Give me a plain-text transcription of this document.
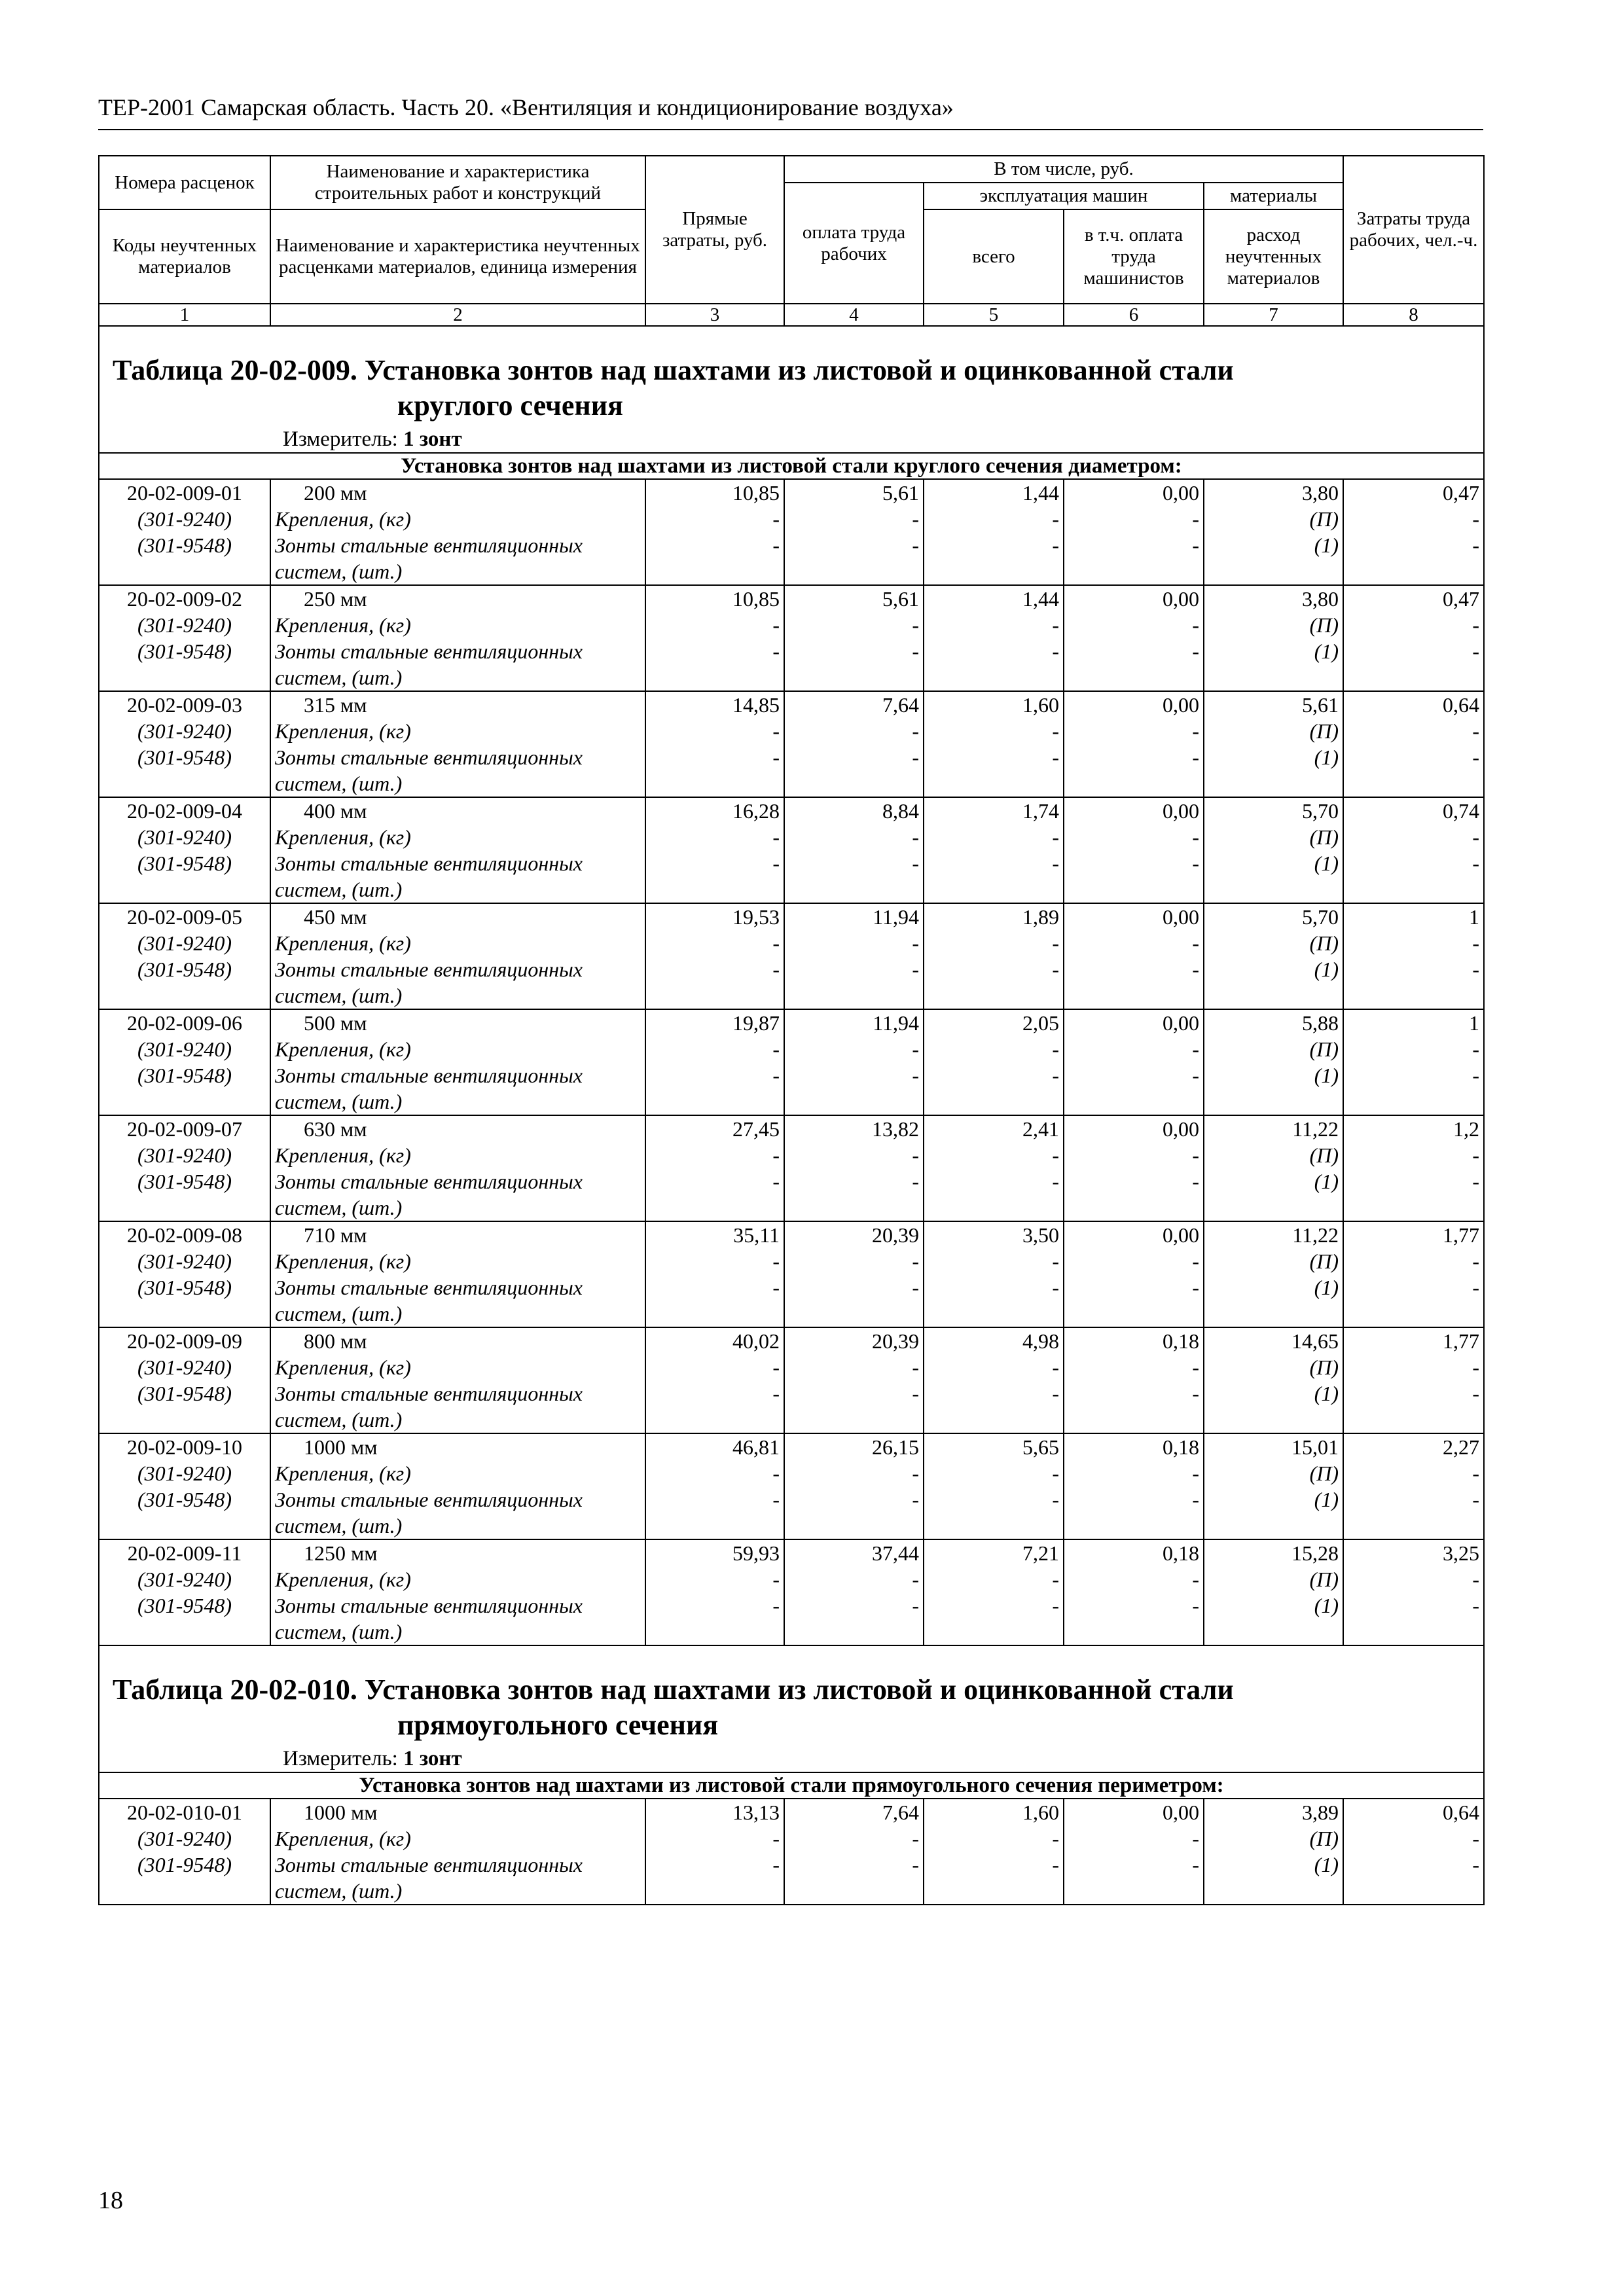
ТЕР-2001 Самарская область. Часть 20. «Вентиляция и кондиционирование воздуха»
Номера расценок	Наименование и характеристика строительных работ и конструкций	Прямые затраты, руб.	В том числе, руб.				Затраты труда рабочих, чел.-ч.
			оплата труда рабочих	эксплуатация машин		материалы	
Коды неучтенных материалов	Наименование и характеристика неучтенных расценками материалов, единица измерения			всего	в т.ч. оплата труда машинистов	расход неучтенных материалов	

1	2	3	4	5	6	7	8

Таблица 20-02-009. Установка зонтов над шахтами из листовой и оцинкованной стали
круглого сечения							

Измеритель: 1 зонт							
Установка зонтов над шахтами из листовой стали круглого сечения диаметром:							
20-02-009-01	200 мм	10,85	5,61	1,44	0,00	3,80	0,47
(301-9240)	Крепления, (кг)	-	-	-	-	(П)	-
(301-9548)	Зонты стальные вентиляционных	-	-	-	-	(1)	-
	систем, (шт.)						
20-02-009-02	250 мм	10,85	5,61	1,44	0,00	3,80	0,47
(301-9240)	Крепления, (кг)	-	-	-	-	(П)	-
(301-9548)	Зонты стальные вентиляционных	-	-	-	-	(1)	-
	систем, (шт.)						
20-02-009-03	315 мм	14,85	7,64	1,60	0,00	5,61	0,64
(301-9240)	Крепления, (кг)	-	-	-	-	(П)	-
(301-9548)	Зонты стальные вентиляционных	-	-	-	-	(1)	-
	систем, (шт.)						
20-02-009-04	400 мм	16,28	8,84	1,74	0,00	5,70	0,74
(301-9240)	Крепления, (кг)	-	-	-	-	(П)	-
(301-9548)	Зонты стальные вентиляционных	-	-	-	-	(1)	-
	систем, (шт.)						
20-02-009-05	450 мм	19,53	11,94	1,89	0,00	5,70	1
(301-9240)	Крепления, (кг)	-	-	-	-	(П)	-
(301-9548)	Зонты стальные вентиляционных	-	-	-	-	(1)	-
	систем, (шт.)						
20-02-009-06	500 мм	19,87	11,94	2,05	0,00	5,88	1
(301-9240)	Крепления, (кг)	-	-	-	-	(П)	-
(301-9548)	Зонты стальные вентиляционных	-	-	-	-	(1)	-
	систем, (шт.)						
20-02-009-07	630 мм	27,45	13,82	2,41	0,00	11,22	1,2
(301-9240)	Крепления, (кг)	-	-	-	-	(П)	-
(301-9548)	Зонты стальные вентиляционных	-	-	-	-	(1)	-
	систем, (шт.)						
20-02-009-08	710 мм	35,11	20,39	3,50	0,00	11,22	1,77
(301-9240)	Крепления, (кг)	-	-	-	-	(П)	-
(301-9548)	Зонты стальные вентиляционных	-	-	-	-	(1)	-
	систем, (шт.)						
20-02-009-09	800 мм	40,02	20,39	4,98	0,18	14,65	1,77
(301-9240)	Крепления, (кг)	-	-	-	-	(П)	-
(301-9548)	Зонты стальные вентиляционных	-	-	-	-	(1)	-
	систем, (шт.)						
20-02-009-10	1000 мм	46,81	26,15	5,65	0,18	15,01	2,27
(301-9240)	Крепления, (кг)	-	-	-	-	(П)	-
(301-9548)	Зонты стальные вентиляционных	-	-	-	-	(1)	-
	систем, (шт.)						
20-02-009-11	1250 мм	59,93	37,44	7,21	0,18	15,28	3,25
(301-9240)	Крепления, (кг)	-	-	-	-	(П)	-
(301-9548)	Зонты стальные вентиляционных	-	-	-	-	(1)	-
	систем, (шт.)						

Таблица 20-02-010. Установка зонтов над шахтами из листовой и оцинкованной стали
прямоугольного сечения							

Измеритель: 1 зонт							
Установка зонтов над шахтами из листовой стали прямоугольного сечения периметром:							
20-02-010-01	1000 мм	13,13	7,64	1,60	0,00	3,89	0,64
(301-9240)	Крепления, (кг)	-	-	-	-	(П)	-
(301-9548)	Зонты стальные вентиляционных	-	-	-	-	(1)	-
	систем, (шт.)						
18
